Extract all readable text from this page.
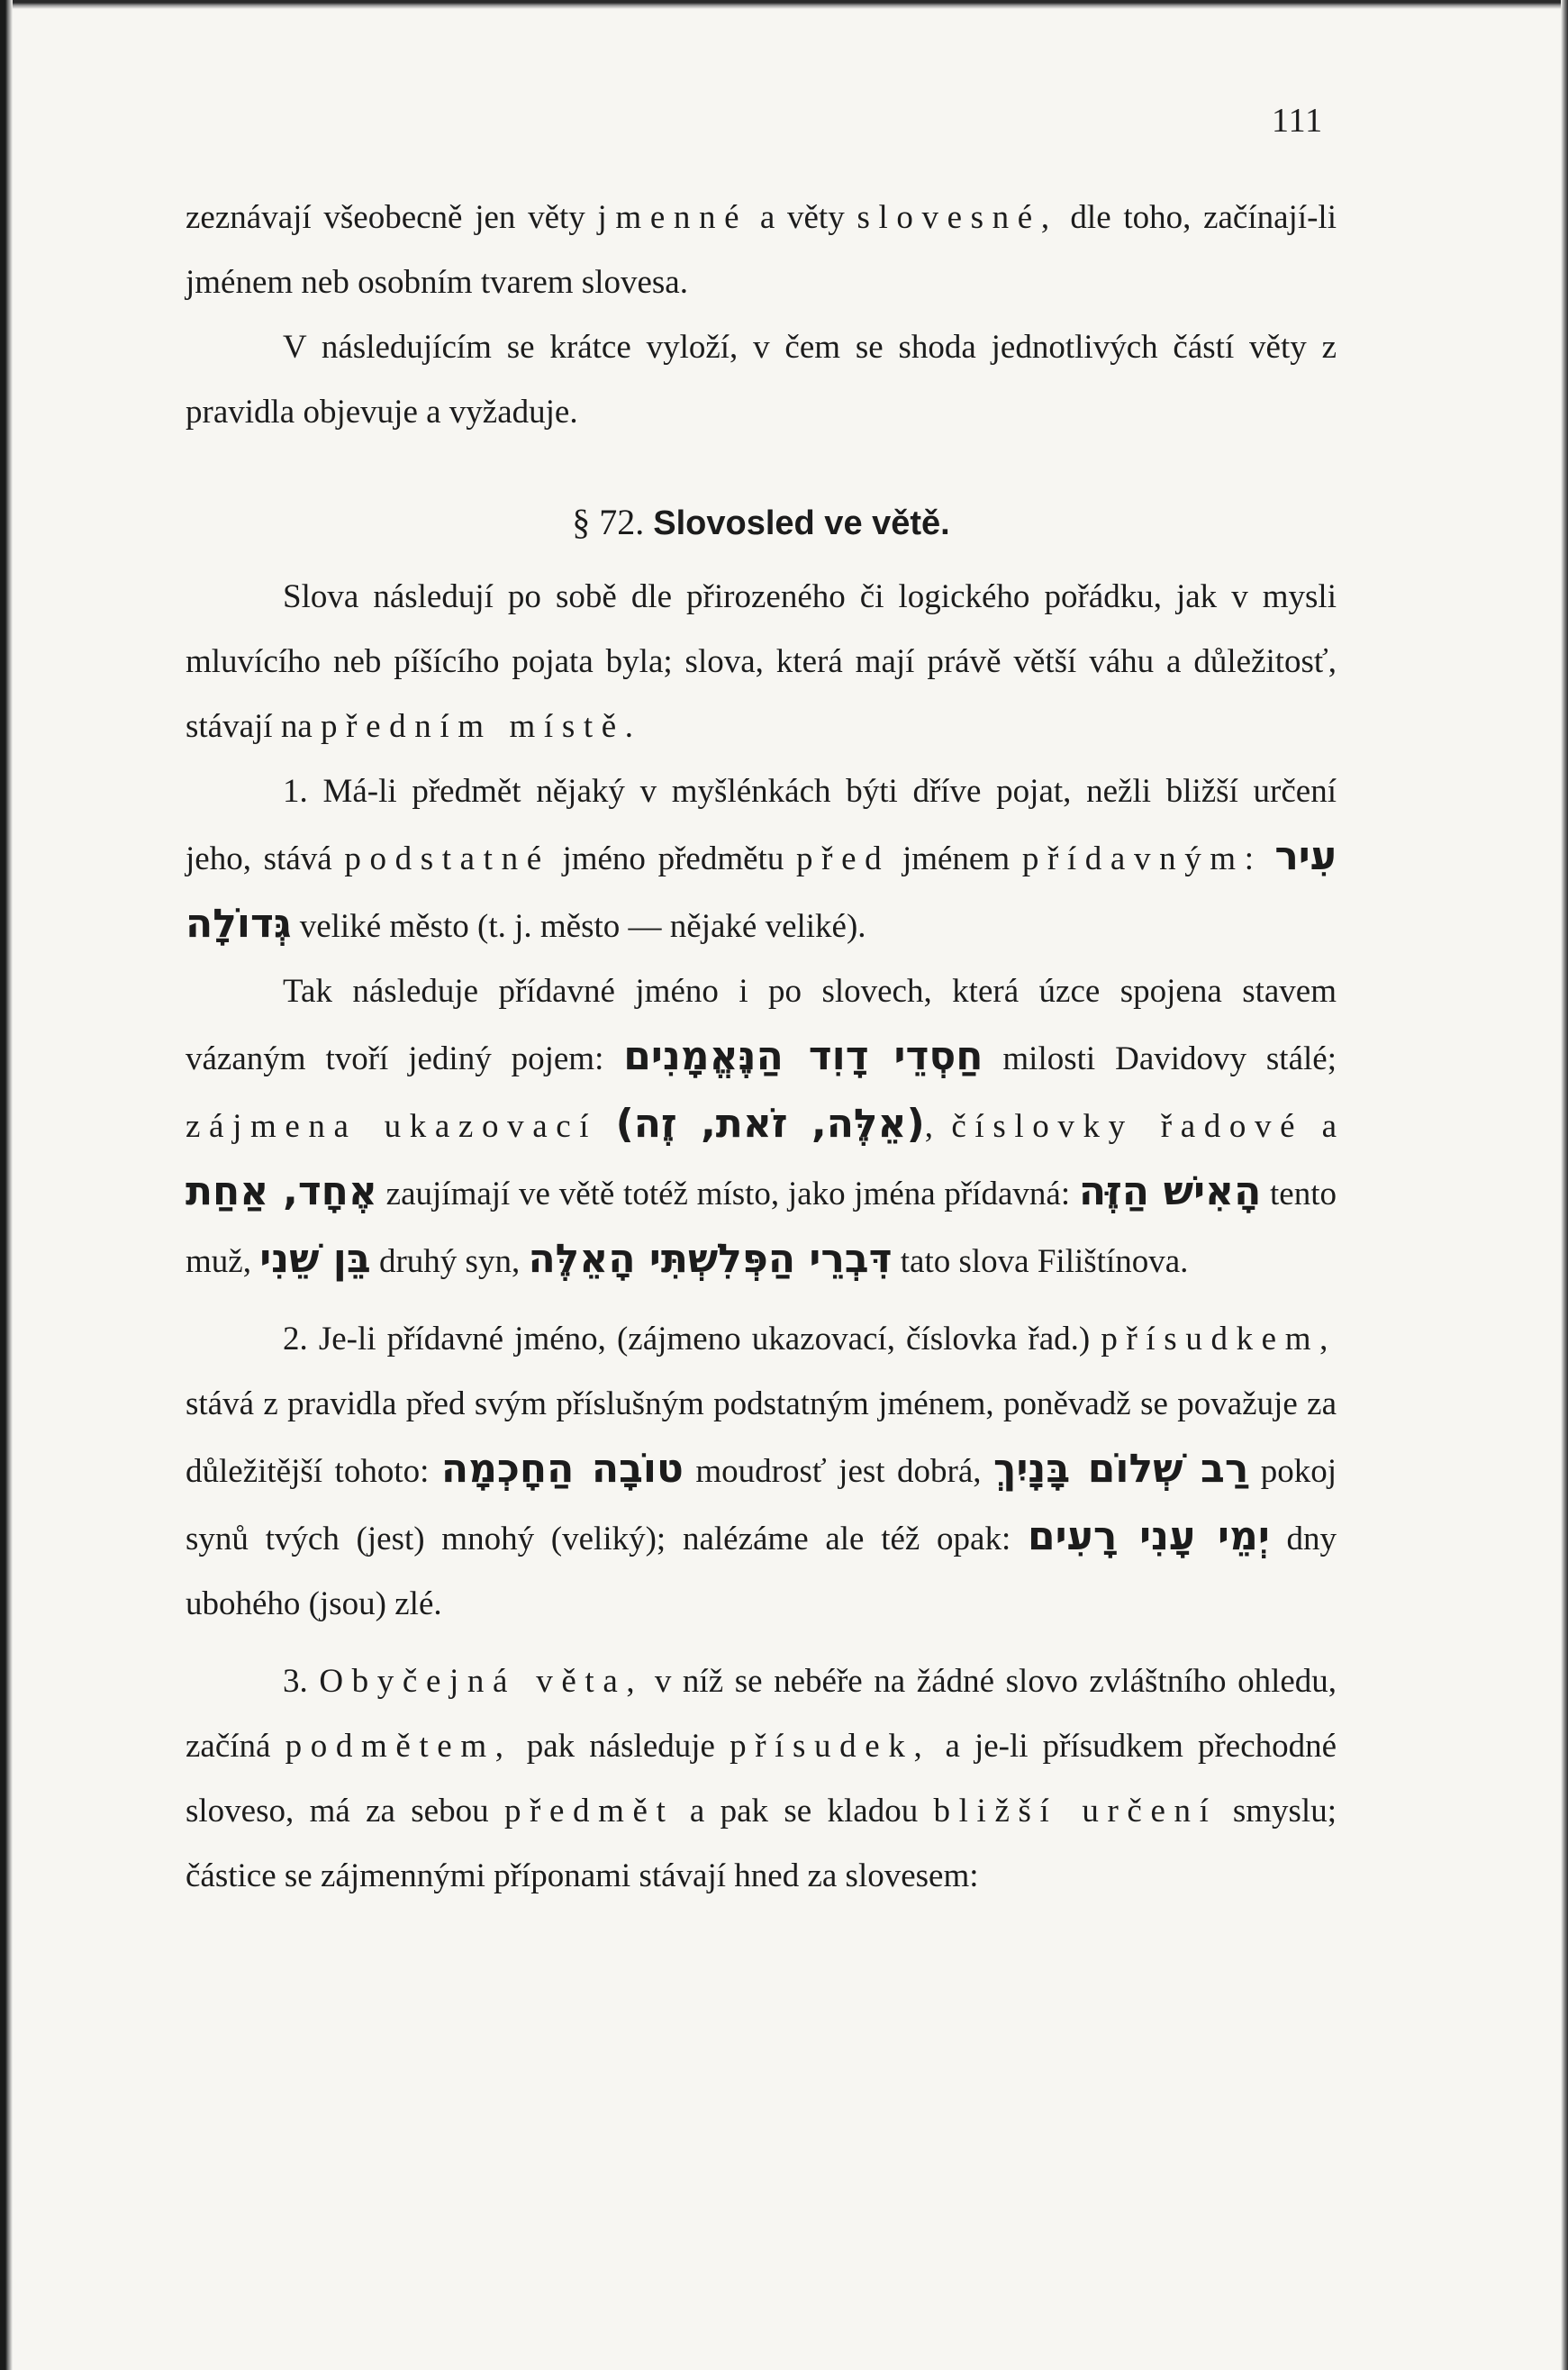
111

zeznávají všeobecně jen věty jmenné a věty slovesné, dle toho, začínají-li jménem neb osobním tvarem slovesa.

V následujícím se krátce vyloží, v čem se shoda jednotlivých částí věty z pravidla objevuje a vyžaduje.

§ 72. Slovosled ve větě.

Slova následují po sobě dle přirozeného či logického pořádku, jak v mysli mluvícího neb píšícího pojata byla; slova, která mají právě větší váhu a důležitosť, stávají na předním místě.

1. Má-li předmět nějaký v myšlénkách býti dříve pojat, nežli bližší určení jeho, stává podstatné jméno předmětu před jménem přídavným: עִיר גְּדוֹלָה veliké město (t. j. město — nějaké veliké).

Tak následuje přídavné jméno i po slovech, která úzce spojena stavem vázaným tvoří jediný pojem: חַסְדֵי דָוִד הַנֶּאֱמָנִים milosti Davidovy stálé; zájmena ukazovací (אֵלֶּה, זֹאת, זֶה), číslovky řadové a אֶחָד, אַחַת zaujímají ve větě totéž místo, jako jména přídavná: הָאִישׁ הַזֶּה tento muž, בֵּן שֵׁנִי druhý syn, דִּבְרֵי הַפְּלִשְׁתִּי הָאֵלֶּה tato slova Filištínova.

2. Je-li přídavné jméno, (zájmeno ukazovací, číslovka řad.) přísudkem, stává z pravidla před svým příslušným podstatným jménem, poněvadž se považuje za důležitější tohoto: טוֹבָה הַחָכְמָה moudrosť jest dobrá, רַב שְׁלוֹם בָּנָיִךְ pokoj synů tvých (jest) mnohý (veliký); nalézáme ale též opak: יְמֵי עָנִי רָעִים dny ubohého (jsou) zlé.

3. Obyčejná věta, v níž se nebéře na žádné slovo zvláštního ohledu, začíná podmětem, pak následuje přísudek, a je-li přísudkem přechodné sloveso, má za sebou předmět a pak se kladou bližší určení smyslu; částice se zájmennými příponami stávají hned za slovesem:
